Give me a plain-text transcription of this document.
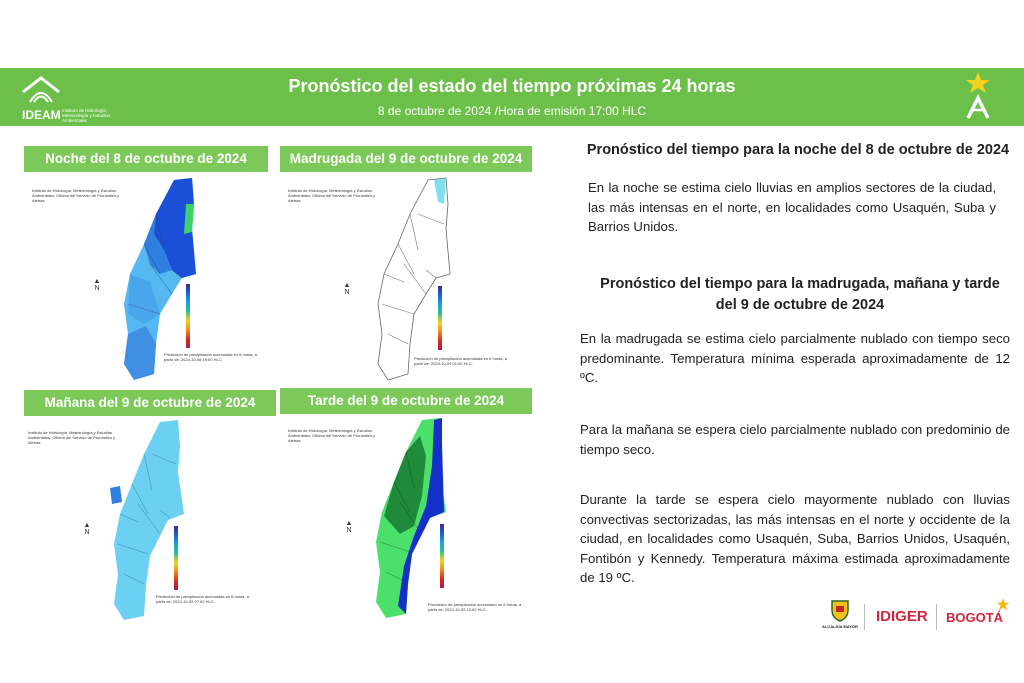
IDEAM Instituto de Hidrología, Meteorología y Estudios Ambientales
Pronóstico del estado del tiempo próximas 24 horas
8 de octubre de 2024 /Hora de emisión 17:00 HLC
Noche del 8 de octubre de 2024	Madrugada del 9 de octubre de 2024
Mañana del 9 de octubre de 2024	Tarde del 9 de octubre de 2024
Instituto de Hidrología, Meteorología y Estudios Ambientales. Oficina del Servicio de Pronóstico y Alertas
▲
N
Predicción de precipitación acumulada en 6 horas, a partir de: 2024-10-08 19:00 HLC.
Instituto de Hidrología, Meteorología y Estudios Ambientales. Oficina del Servicio de Pronóstico y Alertas
▲
N
Predicción de precipitación acumulada en 6 horas, a partir de: 2024-10-09 01:00 HLC.
Instituto de Hidrología, Meteorología y Estudios Ambientales. Oficina del Servicio de Pronóstico y Alertas
▲
N
Predicción de precipitación acumulada en 6 horas, a partir de: 2024-10-09 07:00 HLC.
Instituto de Hidrología, Meteorología y Estudios Ambientales. Oficina del Servicio de Pronóstico y Alertas
▲
N
Pronóstico de precipitación acumulado en 6 horas, a partir de: 2024-10-09 13:00 HLC.
Pronóstico del tiempo para la noche del 8 de octubre de 2024

En la noche se estima cielo lluvias en amplios sectores de la ciudad, las más intensas en el norte, en localidades como Usaquén, Suba y Barrios Unidos.

Pronóstico del tiempo para la madrugada, mañana y tarde
del 9 de octubre de 2024

En la madrugada se estima cielo parcialmente nublado con tiempo seco predominante. Temperatura mínima esperada aproximadamente de 12 ºC.

Para la mañana se espera cielo parcialmente nublado con predominio de tiempo seco.

Durante la tarde se espera cielo mayormente nublado con lluvias convectivas sectorizadas, las más intensas en el norte y occidente de la ciudad, en localidades como Usaquén, Suba, Barrios Unidos, Usaquén, Fontibón y Kennedy. Temperatura máxima estimada aproximadamente de 19 ºC.

ALCALDÍA MAYOR
IDIGER BOGOTÁ
